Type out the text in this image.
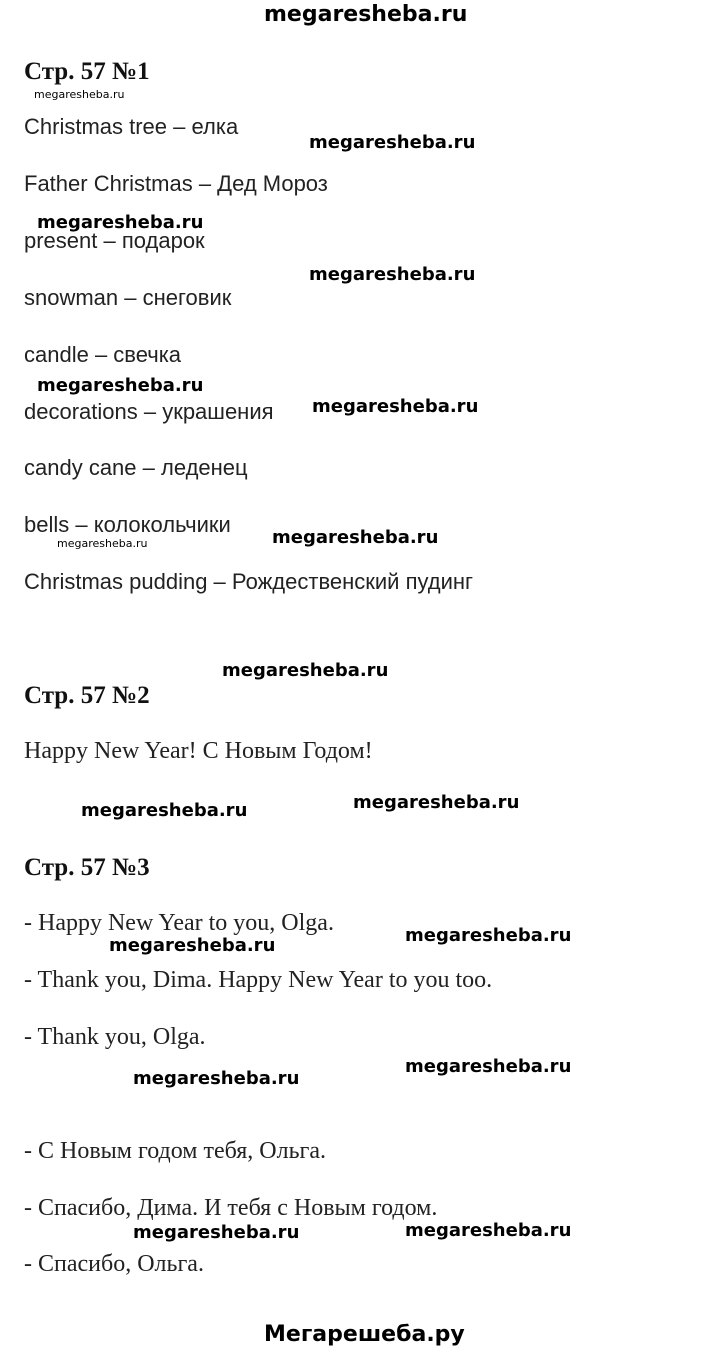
megaresheba.ru
Стр. 57 №1
megaresheba.ru
Christmas tree – елка
megaresheba.ru
Father Christmas – Дед Мороз
megaresheba.ru
present – подарок
megaresheba.ru
snowman – снеговик
candle – свечка
megaresheba.ru
decorations – украшения megaresheba.ru
candy cane – леденец
bells – колокольчики
megaresheba.ru	megaresheba.ru
Christmas pudding – Рождественский пудинг
megaresheba.ru
Стр. 57 №2
Happy New Year! С Новым Годом!
megaresheba.ru	megaresheba.ru
Стр. 57 №3
- Happy New Year to you, Olga.	megaresheba.ru
megaresheba.ru
- Thank you, Dima. Happy New Year to you too.
- Thank you, Olga.
megaresheba.ru
megaresheba.ru
- С Новым годом тебя, Ольга.
- Спасибо, Дима. И тебя с Новым годом.
megaresheba.ru	megaresheba.ru
- Спасибо, Ольга.
Мегарешеба.ру
